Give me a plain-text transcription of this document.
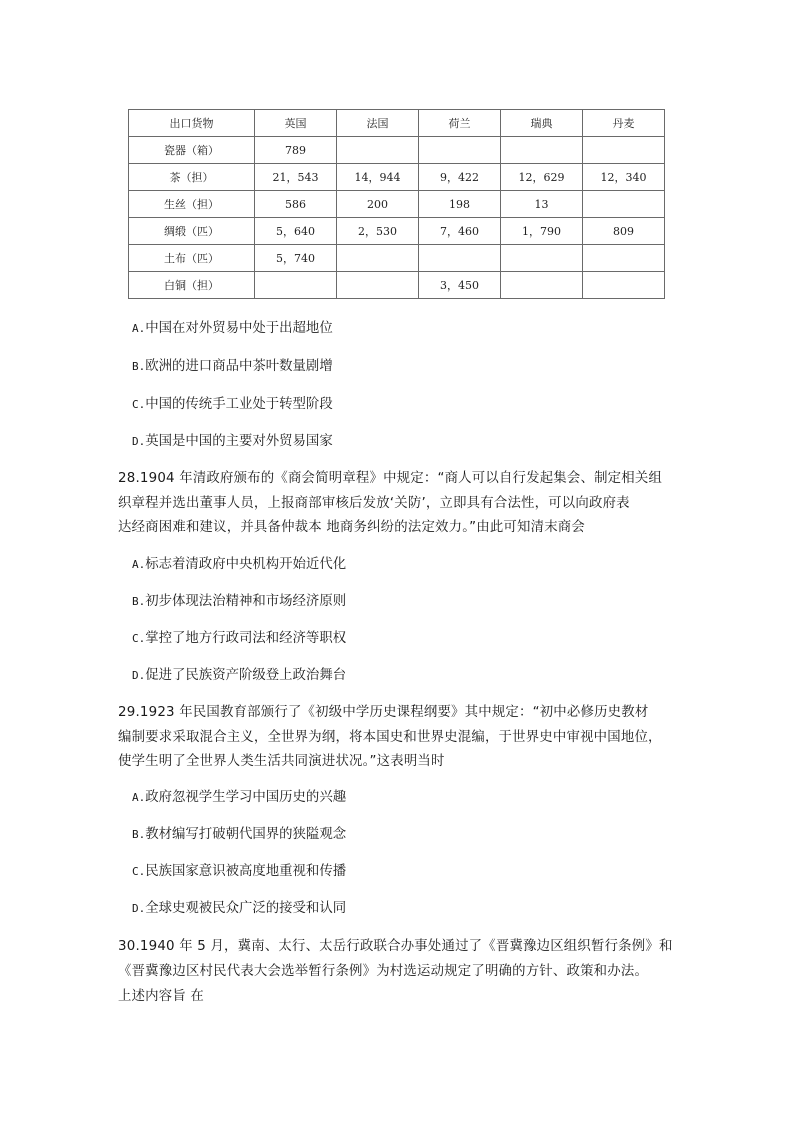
出口货物	英国	法国	荷兰	瑞典	丹麦
瓷器（箱）	789				
茶（担）	21，543	14，944	9，422	12，629	12，340
生丝（担）	586	200	198	13	
绸缎（匹）	5，640	2，530	7，460	1，790	809
土布（匹）	5，740				
白铜（担）			3，450		
A.中国在对外贸易中处于出超地位
B.欧洲的进口商品中茶叶数量剧增
C.中国的传统手工业处于转型阶段
D.英国是中国的主要对外贸易国家
28.1904 年清政府颁布的《商会简明章程》中规定：“商人可以自行发起集会、制定相关组
织章程并选出董事人员，上报商部审核后发放‘关防’，立即具有合法性，可以向政府表
达经商困难和建议，并具备仲裁本 地商务纠纷的法定效力。”由此可知清末商会
A.标志着清政府中央机构开始近代化
B.初步体现法治精神和市场经济原则
C.掌控了地方行政司法和经济等职权
D.促进了民族资产阶级登上政治舞台
29.1923 年民国教育部颁行了《初级中学历史课程纲要》其中规定：“初中必修历史教材
编制要求采取混合主义，全世界为纲，将本国史和世界史混编，于世界史中审视中国地位，
使学生明了全世界人类生活共同演进状况。”这表明当时
A.政府忽视学生学习中国历史的兴趣
B.教材编写打破朝代国界的狭隘观念
C.民族国家意识被高度地重视和传播
D.全球史观被民众广泛的接受和认同
30.1940 年 5 月，冀南、太行、太岳行政联合办事处通过了《晋冀豫边区组织暂行条例》和
《晋冀豫边区村民代表大会选举暂行条例》为村选运动规定了明确的方针、政策和办法。
上述内容旨 在
